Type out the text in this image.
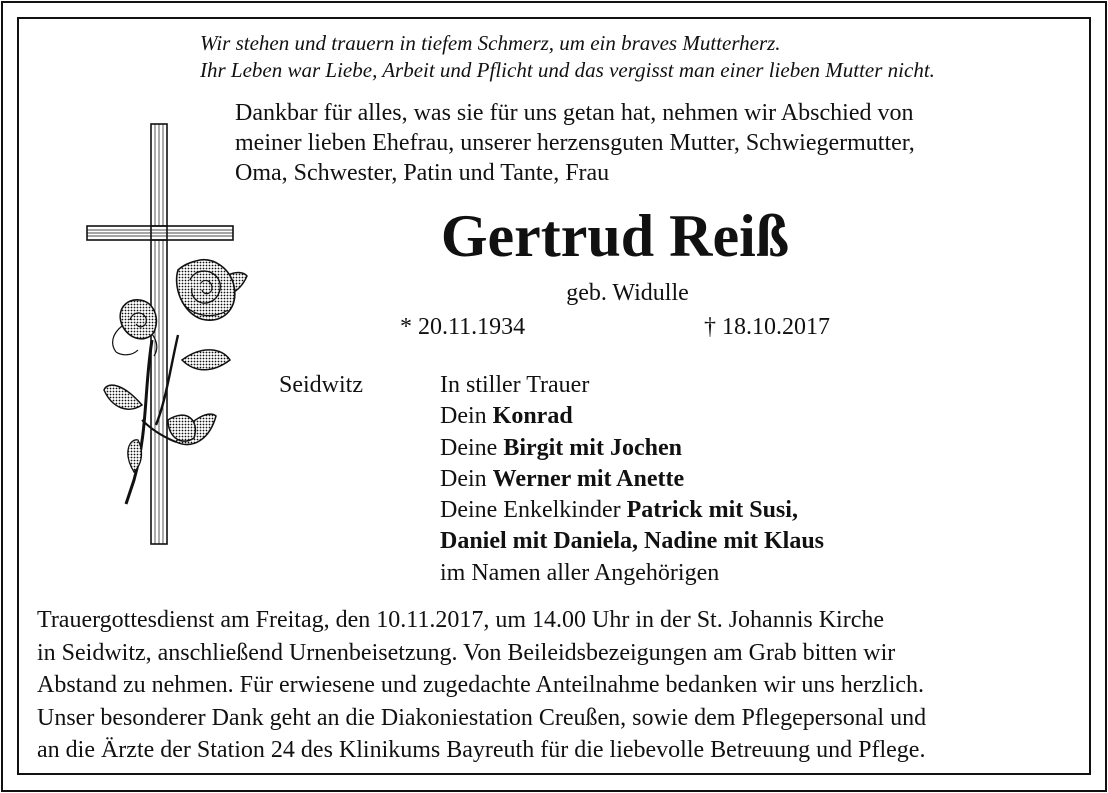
Wir stehen und trauern in tiefem Schmerz, um ein braves Mutterherz.
Ihr Leben war Liebe, Arbeit und Pflicht und das vergisst man einer lieben Mutter nicht.
Dankbar für alles, was sie für uns getan hat, nehmen wir Abschied von
meiner lieben Ehefrau, unserer herzensguten Mutter, Schwiegermutter,
Oma, Schwester, Patin und Tante, Frau
Gertrud Reiß
geb. Widulle
* 20.11.1934	† 18.10.2017
Seidwitz	In stiller Trauer
Dein Konrad
Deine Birgit mit Jochen
Dein Werner mit Anette
Deine Enkelkinder Patrick mit Susi,
Daniel mit Daniela, Nadine mit Klaus
im Namen aller Angehörigen
Trauergottesdienst am Freitag, den 10.11.2017, um 14.00 Uhr in der St. Johannis Kirche
in Seidwitz, anschließend Urnenbeisetzung. Von Beileidsbezeigungen am Grab bitten wir
Abstand zu nehmen. Für erwiesene und zugedachte Anteilnahme bedanken wir uns herzlich.
Unser besonderer Dank geht an die Diakoniestation Creußen, sowie dem Pflegepersonal und
an die Ärzte der Station 24 des Klinikums Bayreuth für die liebevolle Betreuung und Pflege.
